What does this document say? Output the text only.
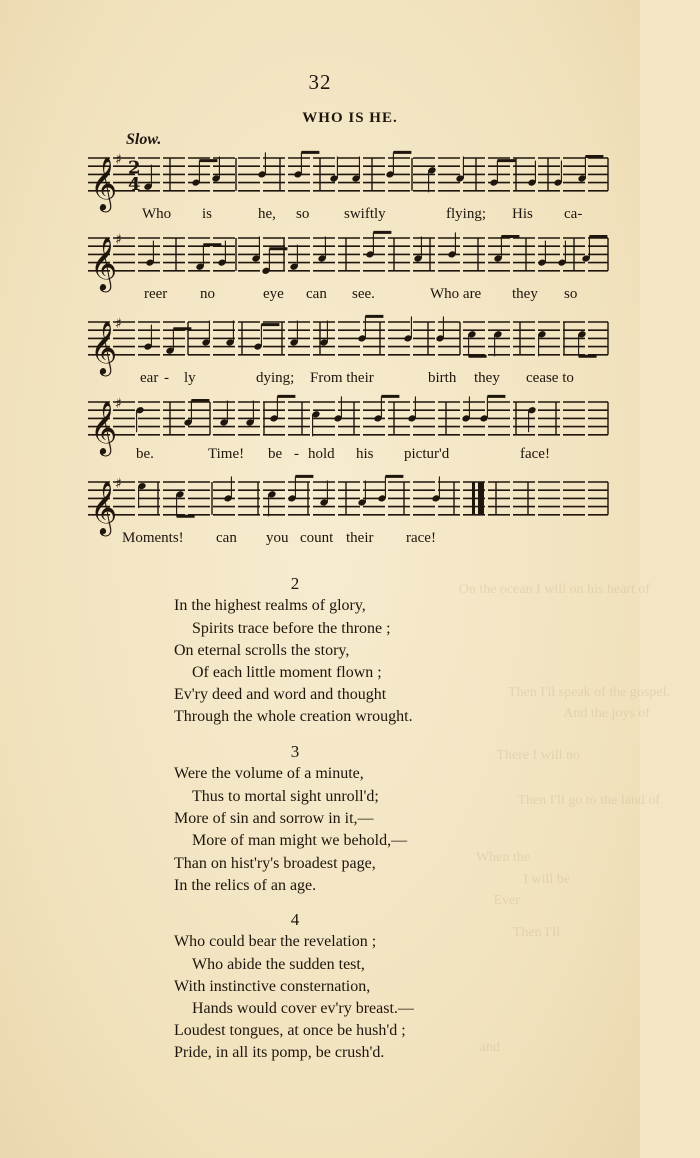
On the ocean I will on his heart of
Then I'll speak of the gospel.
And the joys of
There I will no
Then I'll go to the land of
When the
I will be
Ever
Then I'll
and
32
WHO IS HE.
Slow.
𝄞
♯ 2
4
𝄞
♯
𝄞
♯
𝄞
♯
𝄞
♯
Who is	he, so swiftly	flying; His ca-
reer no	eye can see.	Who are they so
ear - ly	dying; From their	birth they cease to
be.	Time! be - hold his pictur'd	face!
Moments! can you count their race!
2
In the highest realms of glory,
Spirits trace before the throne ;
On eternal scrolls the story,
Of each little moment flown ;
Ev'ry deed and word and thought
Through the whole creation wrought.
3
Were the volume of a minute,
Thus to mortal sight unroll'd;
More of sin and sorrow in it,—
More of man might we behold,—
Than on hist'ry's broadest page,
In the relics of an age.
4
Who could bear the revelation ;
Who abide the sudden test,
With instinctive consternation,
Hands would cover ev'ry breast.—
Loudest tongues, at once be hush'd ;
Pride, in all its pomp, be crush'd.
